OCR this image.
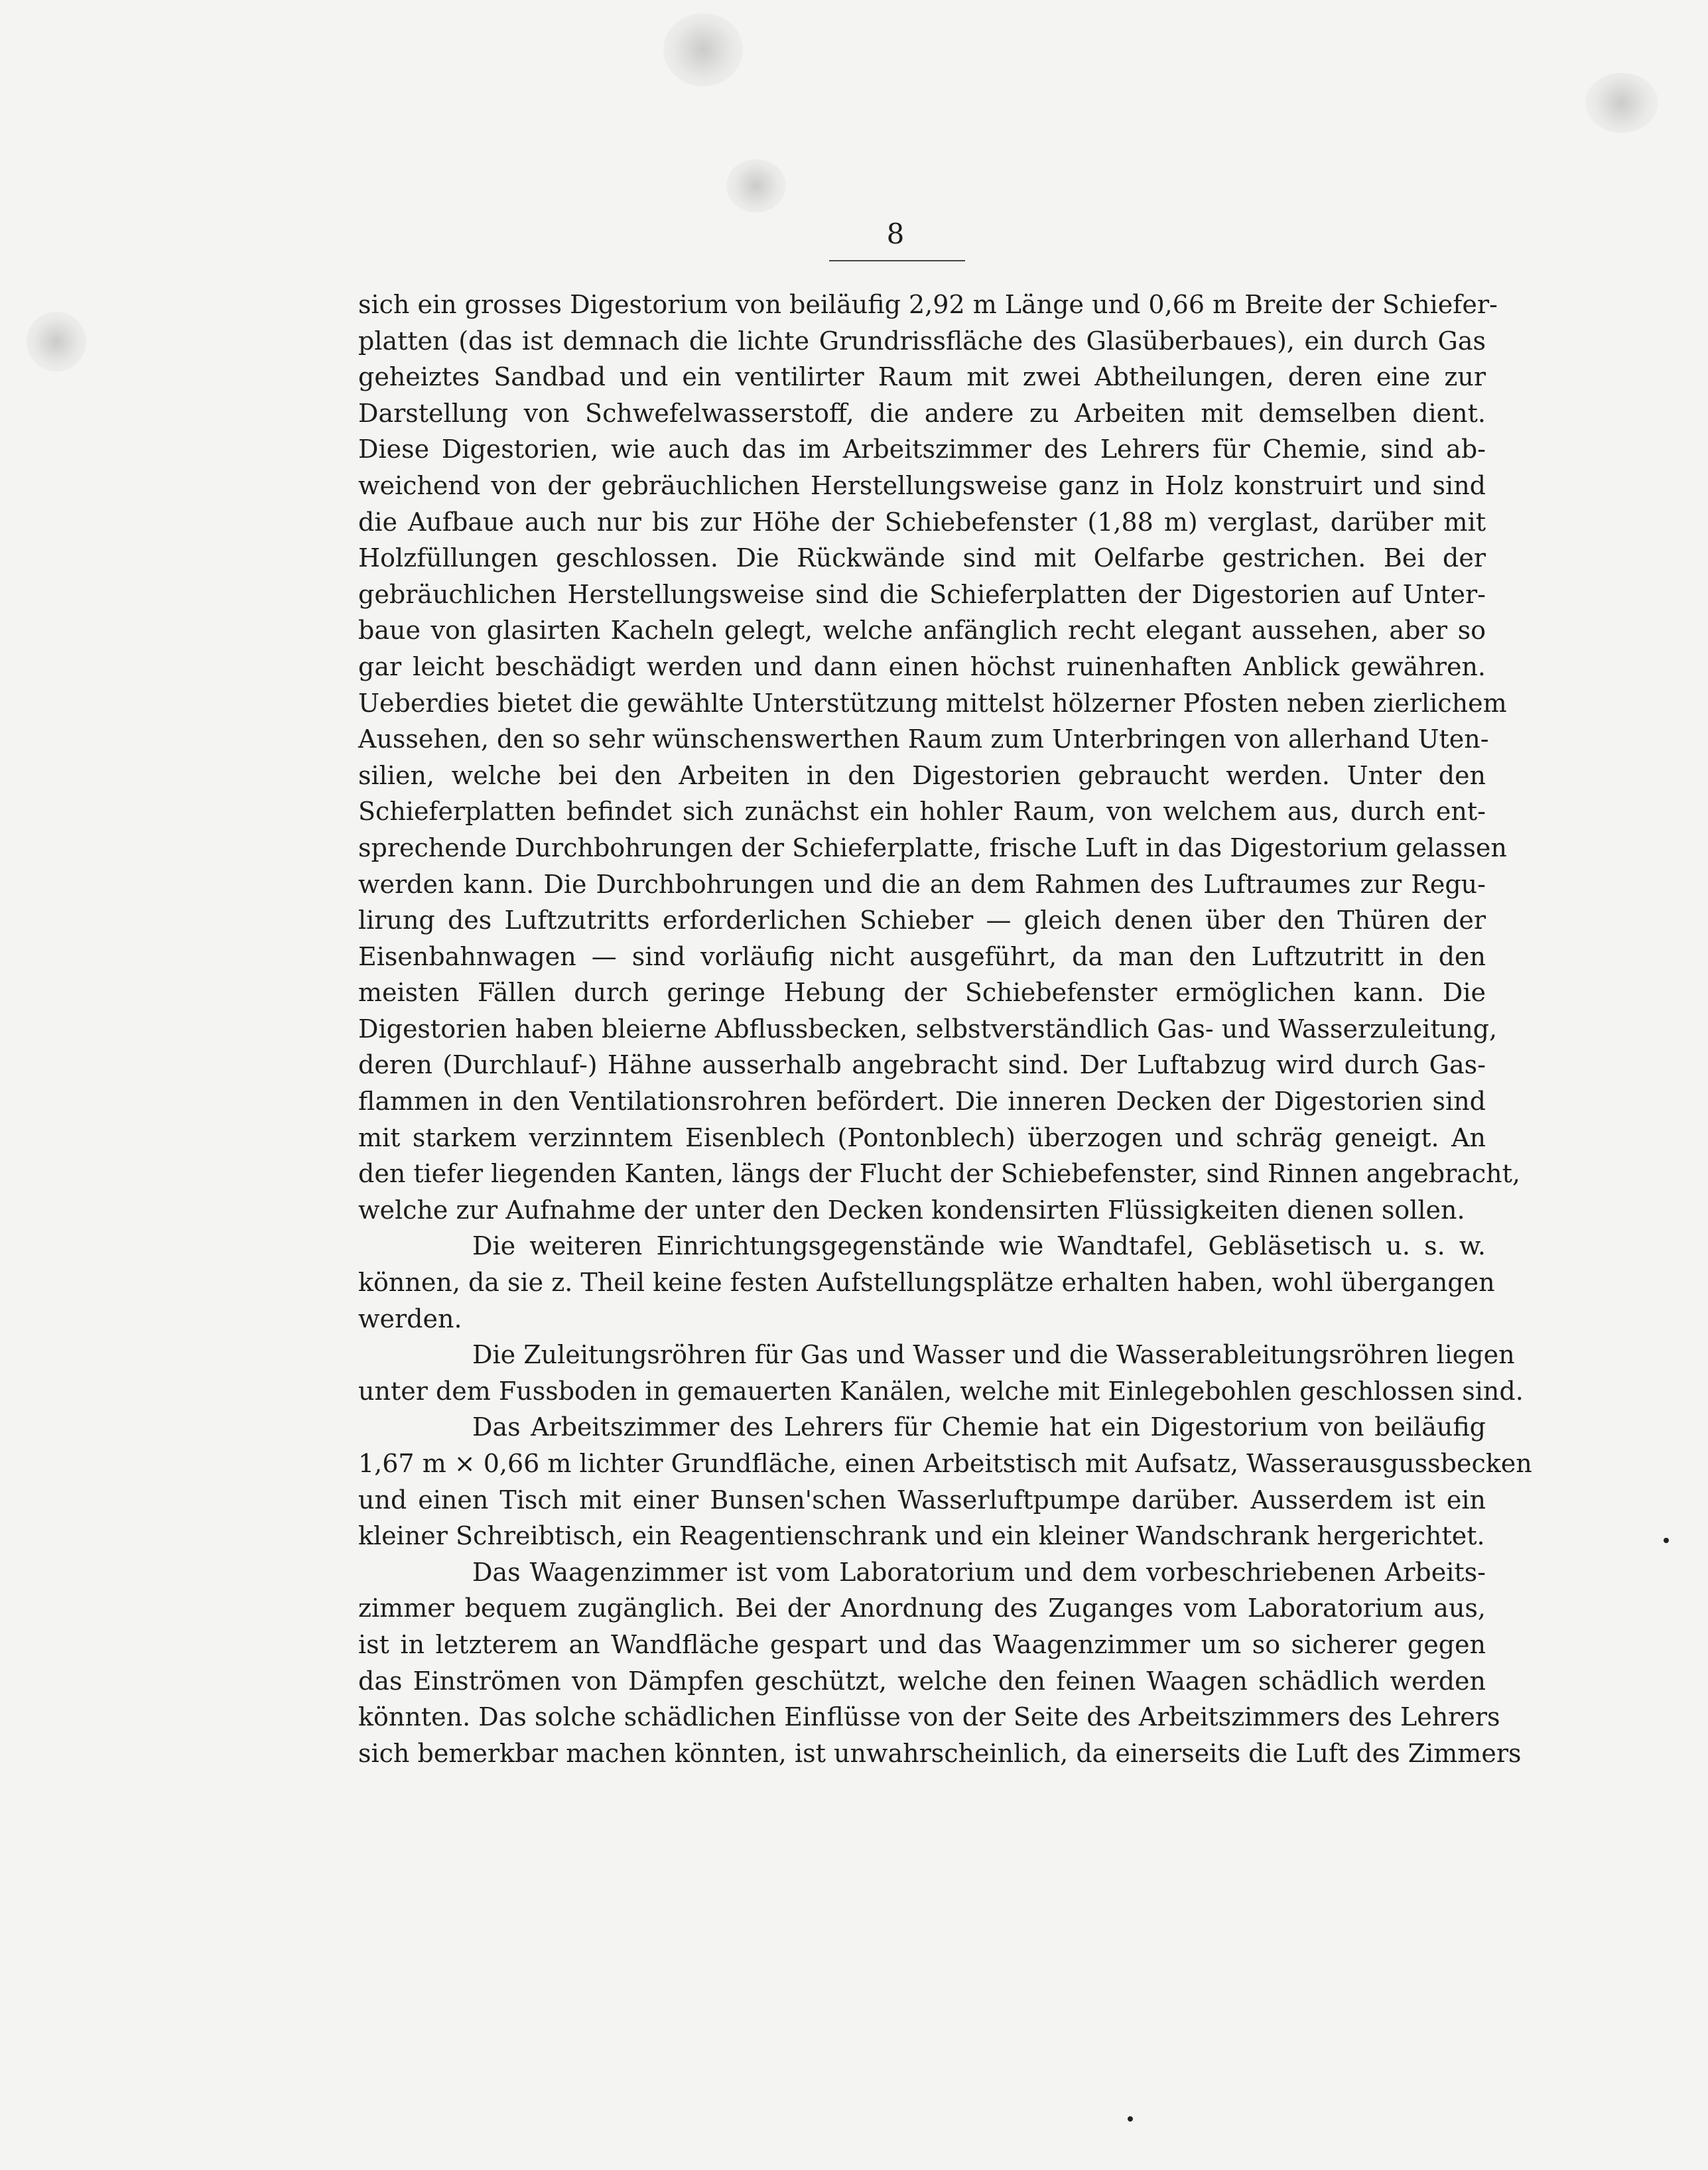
8
sich ein grosses Digestorium von beiläufig 2,92 m Länge und 0,66 m Breite der Schiefer-
platten (das ist demnach die lichte Grundrissfläche des Glasüberbaues), ein durch Gas
geheiztes Sandbad und ein ventilirter Raum mit zwei Abtheilungen, deren eine zur
Darstellung von Schwefelwasserstoff, die andere zu Arbeiten mit demselben dient.
Diese Digestorien, wie auch das im Arbeitszimmer des Lehrers für Chemie, sind ab-
weichend von der gebräuchlichen Herstellungsweise ganz in Holz konstruirt und sind
die Aufbaue auch nur bis zur Höhe der Schiebefenster (1,88 m) verglast, darüber mit
Holzfüllungen geschlossen. Die Rückwände sind mit Oelfarbe gestrichen. Bei der
gebräuchlichen Herstellungsweise sind die Schieferplatten der Digestorien auf Unter-
baue von glasirten Kacheln gelegt, welche anfänglich recht elegant aussehen, aber so
gar leicht beschädigt werden und dann einen höchst ruinenhaften Anblick gewähren.
Ueberdies bietet die gewählte Unterstützung mittelst hölzerner Pfosten neben zierlichem
Aussehen, den so sehr wünschenswerthen Raum zum Unterbringen von allerhand Uten-
silien, welche bei den Arbeiten in den Digestorien gebraucht werden. Unter den
Schieferplatten befindet sich zunächst ein hohler Raum, von welchem aus, durch ent-
sprechende Durchbohrungen der Schieferplatte, frische Luft in das Digestorium gelassen
werden kann. Die Durchbohrungen und die an dem Rahmen des Luftraumes zur Regu-
lirung des Luftzutritts erforderlichen Schieber — gleich denen über den Thüren der
Eisenbahnwagen — sind vorläufig nicht ausgeführt, da man den Luftzutritt in den
meisten Fällen durch geringe Hebung der Schiebefenster ermöglichen kann. Die
Digestorien haben bleierne Abflussbecken, selbstverständlich Gas- und Wasserzuleitung,
deren (Durchlauf-) Hähne ausserhalb angebracht sind. Der Luftabzug wird durch Gas-
flammen in den Ventilationsrohren befördert. Die inneren Decken der Digestorien sind
mit starkem verzinntem Eisenblech (Pontonblech) überzogen und schräg geneigt. An
den tiefer liegenden Kanten, längs der Flucht der Schiebefenster, sind Rinnen angebracht,
welche zur Aufnahme der unter den Decken kondensirten Flüssigkeiten dienen sollen.
Die weiteren Einrichtungsgegenstände wie Wandtafel, Gebläsetisch u. s. w.
können, da sie z. Theil keine festen Aufstellungsplätze erhalten haben, wohl übergangen
werden.
Die Zuleitungsröhren für Gas und Wasser und die Wasserableitungsröhren liegen
unter dem Fussboden in gemauerten Kanälen, welche mit Einlegebohlen geschlossen sind.
Das Arbeitszimmer des Lehrers für Chemie hat ein Digestorium von beiläufig
1,67 m × 0,66 m lichter Grundfläche, einen Arbeitstisch mit Aufsatz, Wasserausgussbecken
und einen Tisch mit einer Bunsen'schen Wasserluftpumpe darüber. Ausserdem ist ein
kleiner Schreibtisch, ein Reagentienschrank und ein kleiner Wandschrank hergerichtet.
Das Waagenzimmer ist vom Laboratorium und dem vorbeschriebenen Arbeits-
zimmer bequem zugänglich. Bei der Anordnung des Zuganges vom Laboratorium aus,
ist in letzterem an Wandfläche gespart und das Waagenzimmer um so sicherer gegen
das Einströmen von Dämpfen geschützt, welche den feinen Waagen schädlich werden
könnten. Das solche schädlichen Einflüsse von der Seite des Arbeitszimmers des Lehrers
sich bemerkbar machen könnten, ist unwahrscheinlich, da einerseits die Luft des Zimmers
